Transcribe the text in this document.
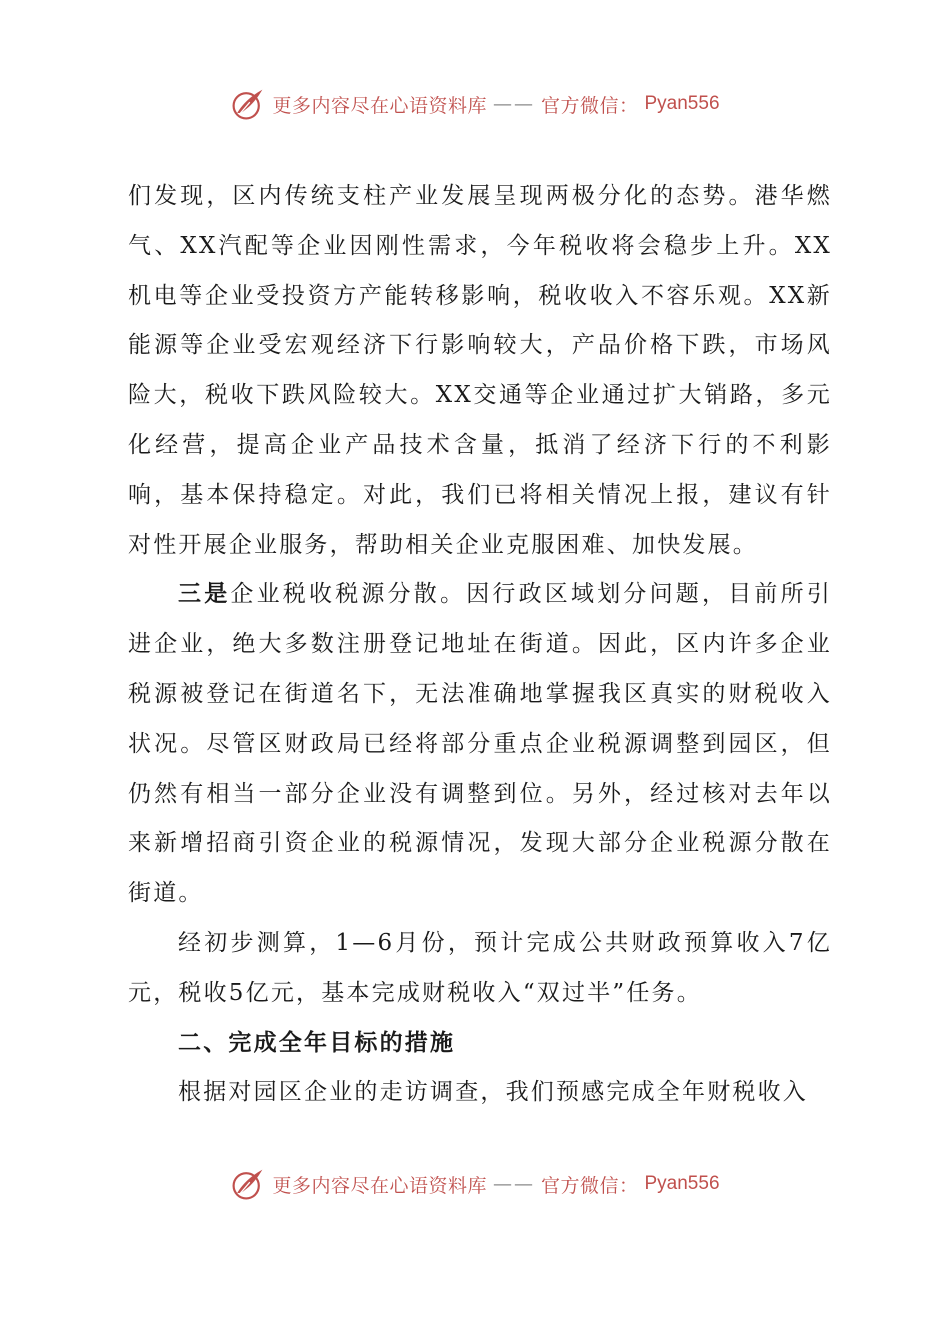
更多内容尽在心语资料库 —— 官方微信： Pyan556

们发现，区内传统支柱产业发展呈现两极分化的态势。港华燃气、XX汽配等企业因刚性需求，今年税收将会稳步上升。XX机电等企业受投资方产能转移影响，税收收入不容乐观。XX新能源等企业受宏观经济下行影响较大，产品价格下跌，市场风险大，税收下跌风险较大。XX交通等企业通过扩大销路，多元化经营，提高企业产品技术含量，抵消了经济下行的不利影响，基本保持稳定。对此，我们已将相关情况上报，建议有针对性开展企业服务，帮助相关企业克服困难、加快发展。

三是企业税收税源分散。因行政区域划分问题，目前所引进企业，绝大多数注册登记地址在街道。因此，区内许多企业税源被登记在街道名下，无法准确地掌握我区真实的财税收入状况。尽管区财政局已经将部分重点企业税源调整到园区，但仍然有相当一部分企业没有调整到位。另外，经过核对去年以来新增招商引资企业的税源情况，发现大部分企业税源分散在街道。

经初步测算，1—6月份，预计完成公共财政预算收入7亿元，税收5亿元，基本完成财税收入“双过半”任务。

二、完成全年目标的措施

根据对园区企业的走访调查，我们预感完成全年财税收入

更多内容尽在心语资料库 —— 官方微信： Pyan556
